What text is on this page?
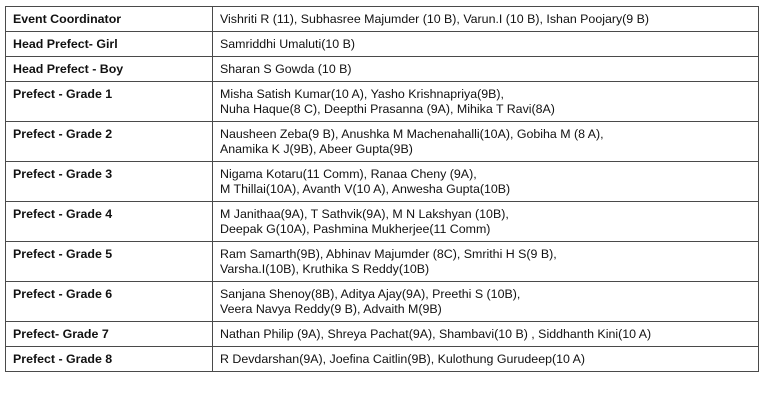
Event Coordinator	Vishriti R (11), Subhasree Majumder (10 B), Varun.I (10 B), Ishan Poojary(9 B)

Head Prefect- Girl	Samriddhi Umaluti(10 B)

Head Prefect - Boy	Sharan S Gowda (10 B)

Prefect - Grade 1	Misha Satish Kumar(10 A), Yasho Krishnapriya(9B),
Nuha Haque(8 C), Deepthi Prasanna (9A), Mihika T Ravi(8A)

Prefect - Grade 2	Nausheen Zeba(9 B), Anushka M Machenahalli(10A), Gobiha M (8 A),
Anamika K J(9B), Abeer Gupta(9B)

Prefect - Grade 3	Nigama Kotaru(11 Comm), Ranaa Cheny (9A),
M Thillai(10A), Avanth V(10 A), Anwesha Gupta(10B)

Prefect - Grade 4	M Janithaa(9A), T Sathvik(9A), M N Lakshyan (10B),
Deepak G(10A), Pashmina Mukherjee(11 Comm)

Prefect - Grade 5	Ram Samarth(9B), Abhinav Majumder (8C), Smrithi H S(9 B),
Varsha.I(10B), Kruthika S Reddy(10B)

Prefect - Grade 6	Sanjana Shenoy(8B), Aditya Ajay(9A), Preethi S (10B),
Veera Navya Reddy(9 B), Advaith M(9B)

Prefect- Grade 7	Nathan Philip (9A), Shreya Pachat(9A), Shambavi(10 B) , Siddhanth Kini(10 A)

Prefect - Grade 8	R Devdarshan(9A), Joefina Caitlin(9B), Kulothung Gurudeep(10 A)
